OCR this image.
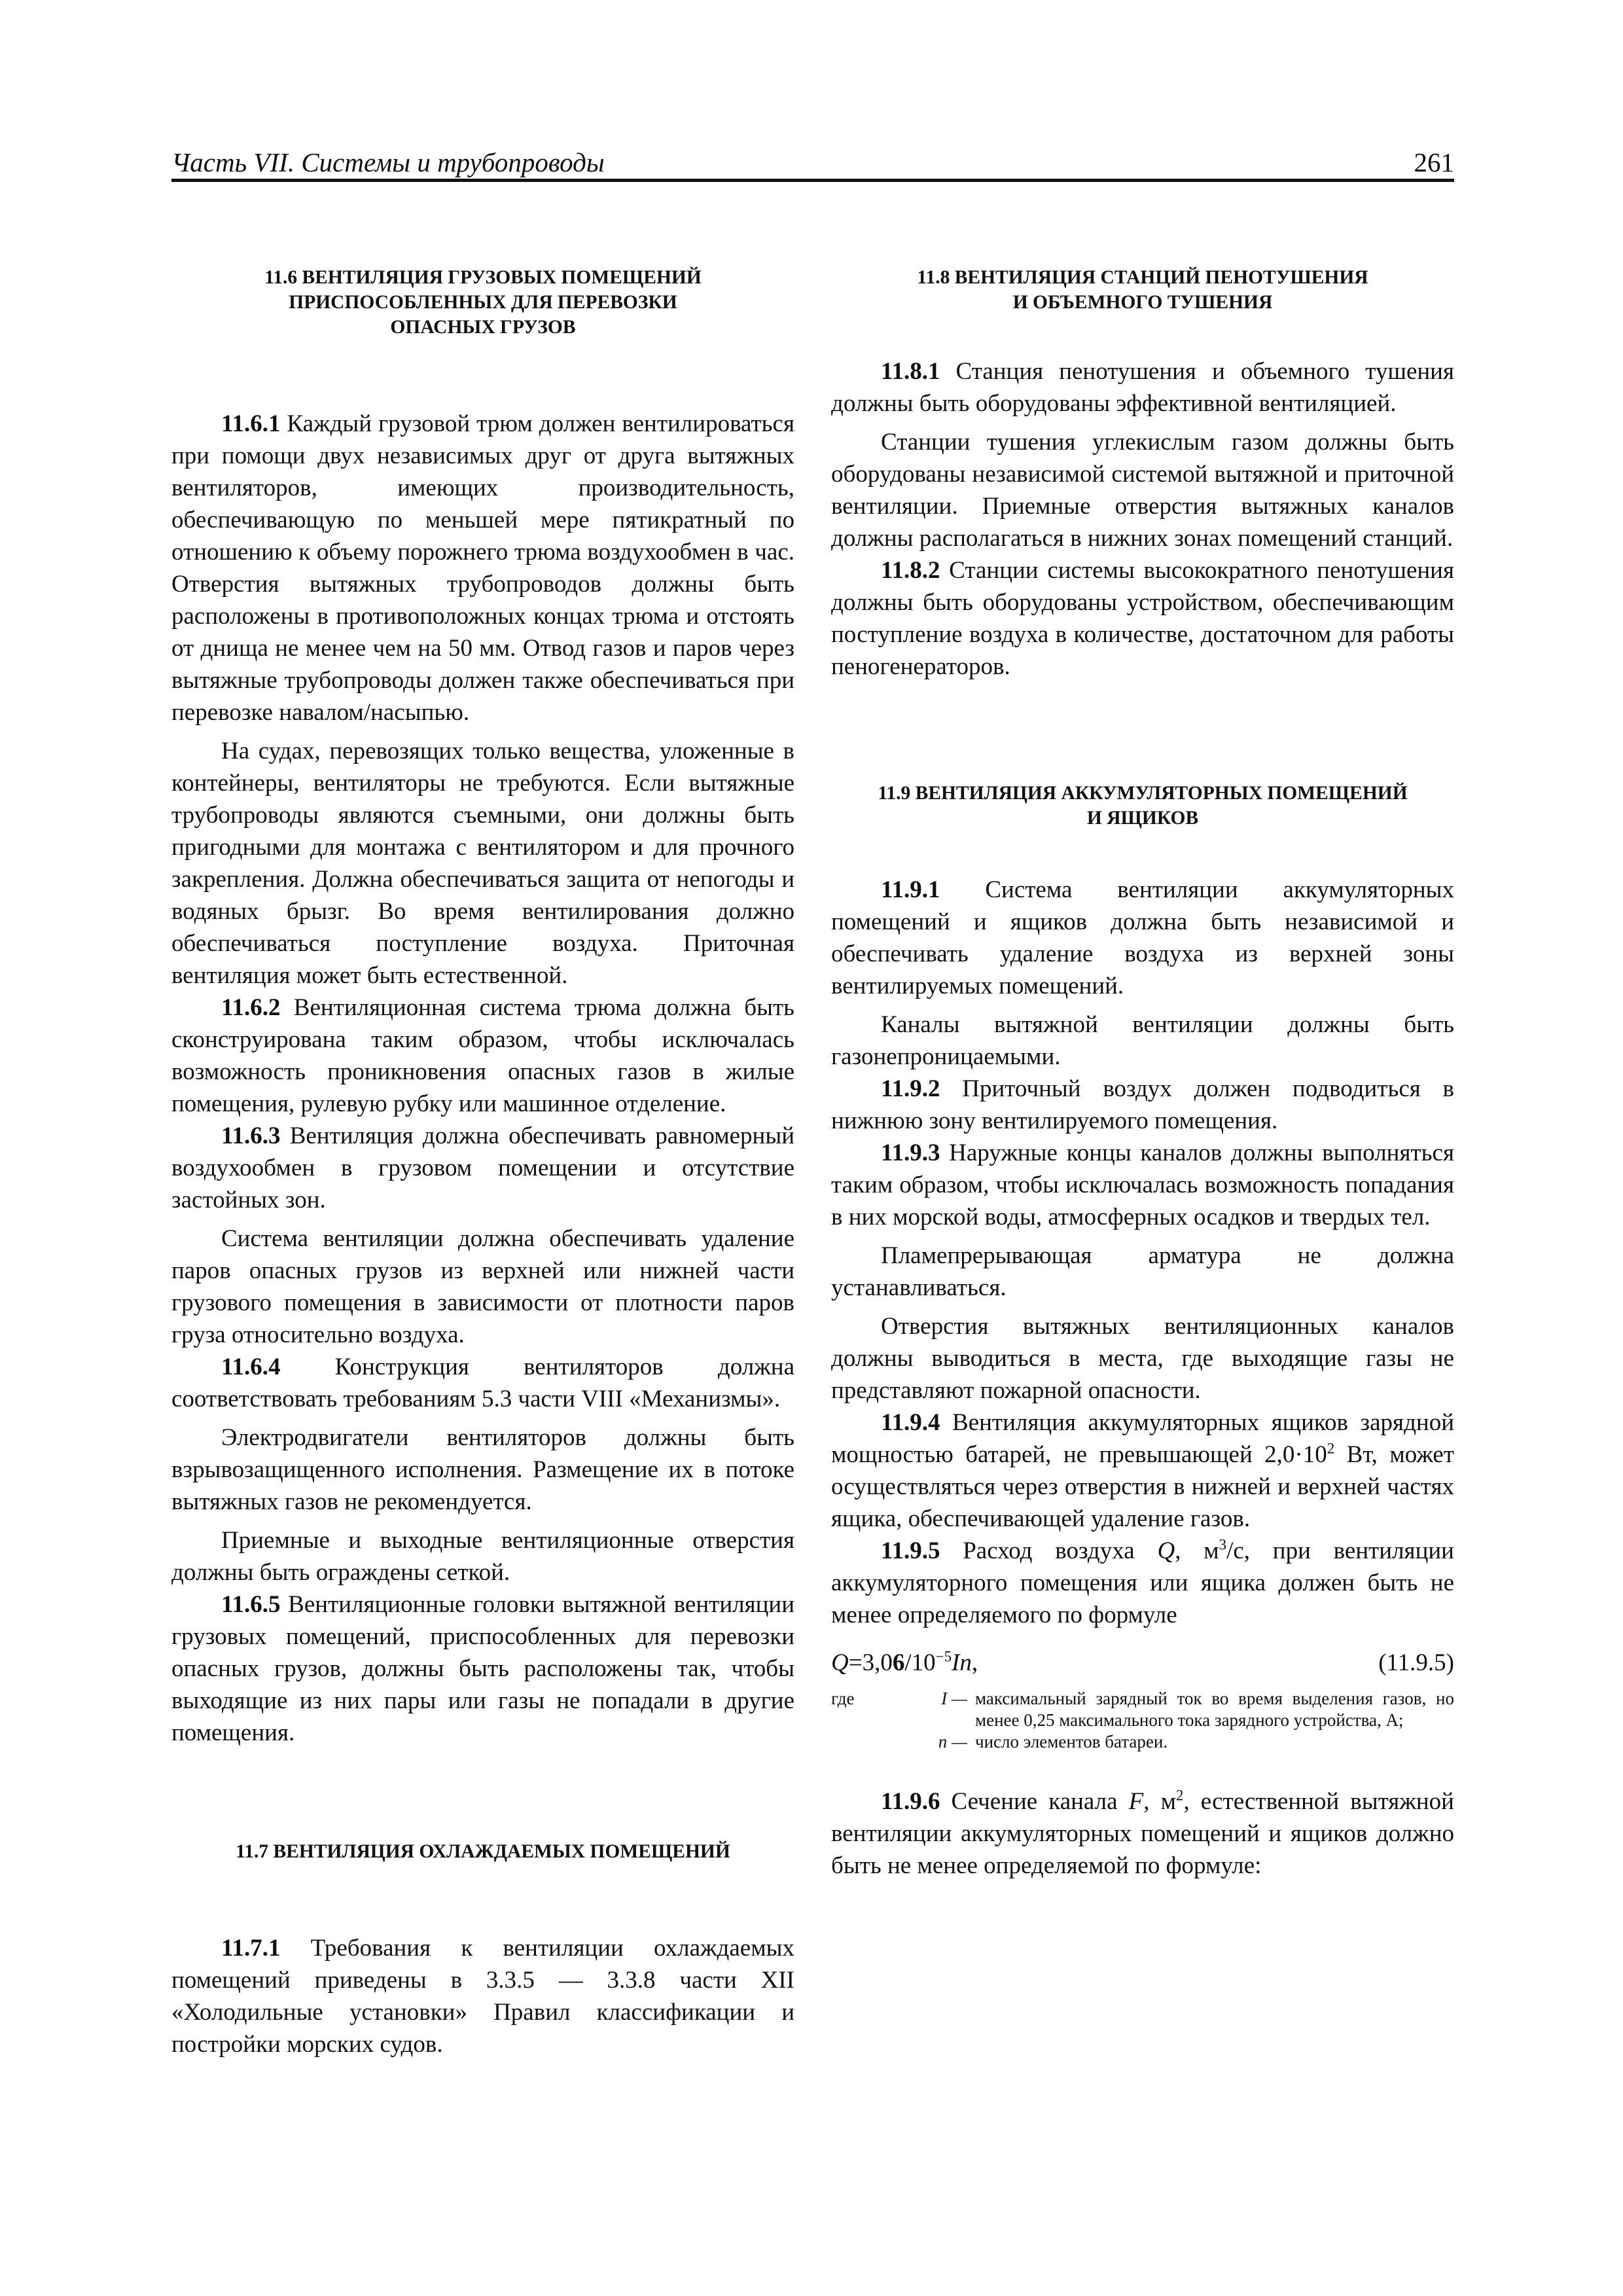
Часть VII. Системы и трубопроводы	261
11.6 ВЕНТИЛЯЦИЯ ГРУЗОВЫХ ПОМЕЩЕНИЙ
ПРИСПОСОБЛЕННЫХ ДЛЯ ПЕРЕВОЗКИ
ОПАСНЫХ ГРУЗОВ

11.6.1 Каждый грузовой трюм должен вентилироваться при помощи двух независимых друг от друга вытяжных вентиляторов, имеющих производительность, обеспечивающую по меньшей мере пятикратный по отношению к объему порожнего трюма воздухообмен в час. Отверстия вытяжных трубопроводов должны быть расположены в противоположных концах трюма и отстоять от днища не менее чем на 50 мм. Отвод газов и паров через вытяжные трубопроводы должен также обеспечиваться при перевозке навалом/насыпью.

На судах, перевозящих только вещества, уложенные в контейнеры, вентиляторы не требуются. Если вытяжные трубопроводы являются съемными, они должны быть пригодными для монтажа с вентилятором и для прочного закрепления. Должна обеспечиваться защита от непогоды и водяных брызг. Во время вентилирования должно обеспечиваться поступление воздуха. Приточная вентиляция может быть естественной.

11.6.2 Вентиляционная система трюма должна быть сконструирована таким образом, чтобы исключалась возможность проникновения опасных газов в жилые помещения, рулевую рубку или машинное отделение.

11.6.3 Вентиляция должна обеспечивать равномерный воздухообмен в грузовом помещении и отсутствие застойных зон.

Система вентиляции должна обеспечивать удаление паров опасных грузов из верхней или нижней части грузового помещения в зависимости от плотности паров груза относительно воздуха.

11.6.4 Конструкция вентиляторов должна соответствовать требованиям 5.3 части VIII «Механизмы».

Электродвигатели вентиляторов должны быть взрывозащищенного исполнения. Размещение их в потоке вытяжных газов не рекомендуется.

Приемные и выходные вентиляционные отверстия должны быть ограждены сеткой.

11.6.5 Вентиляционные головки вытяжной вентиляции грузовых помещений, приспособленных для перевозки опасных грузов, должны быть расположены так, чтобы выходящие из них пары или газы не попадали в другие помещения.

11.7 ВЕНТИЛЯЦИЯ ОХЛАЖДАЕМЫХ ПОМЕЩЕНИЙ

11.7.1 Требования к вентиляции охлаждаемых помещений приведены в 3.3.5 — 3.3.8 части XII «Холодильные установки» Правил классификации и постройки морских судов.

11.8 ВЕНТИЛЯЦИЯ СТАНЦИЙ ПЕНОТУШЕНИЯ
И ОБЪЕМНОГО ТУШЕНИЯ

11.8.1 Станция пенотушения и объемного тушения должны быть оборудованы эффективной вентиляцией.

Станции тушения углекислым газом должны быть оборудованы независимой системой вытяжной и приточной вентиляции. Приемные отверстия вытяжных каналов должны располагаться в нижних зонах помещений станций.

11.8.2 Станции системы высокократного пенотушения должны быть оборудованы устройством, обеспечивающим поступление воздуха в количестве, достаточном для работы пеногенераторов.

11.9 ВЕНТИЛЯЦИЯ АККУМУЛЯТОРНЫХ ПОМЕЩЕНИЙ
И ЯЩИКОВ

11.9.1 Система вентиляции аккумуляторных помещений и ящиков должна быть независимой и обеспечивать удаление воздуха из верхней зоны вентилируемых помещений.

Каналы вытяжной вентиляции должны быть газонепроницаемыми.

11.9.2 Приточный воздух должен подводиться в нижнюю зону вентилируемого помещения.

11.9.3 Наружные концы каналов должны выполняться таким образом, чтобы исключалась возможность попадания в них морской воды, атмосферных осадков и твердых тел.

Пламепрерывающая арматура не должна устанавливаться.

Отверстия вытяжных вентиляционных каналов должны выводиться в места, где выходящие газы не представляют пожарной опасности.

11.9.4 Вентиляция аккумуляторных ящиков зарядной мощностью батарей, не превышающей $2,0\cdot 10^2$ Вт, может осуществляться через отверстия в нижней и верхней частях ящика, обеспечивающей удаление газов.

11.9.5 Расход воздуха Q, $м^3/с$, при вентиляции аккумуляторного помещения или ящика должен быть не менее определяемого по формуле

$Q=3,06/10^{-5}In$,	(11.9.5)
где	I — максимальный зарядный ток во время выделения газов, но менее 0,25 максимального тока зарядного устройства, А;
n — число элементов батареи.

11.9.6 Сечение канала F, $м^2$, естественной вытяжной вентиляции аккумуляторных помещений и ящиков должно быть не менее определяемой по формуле:
